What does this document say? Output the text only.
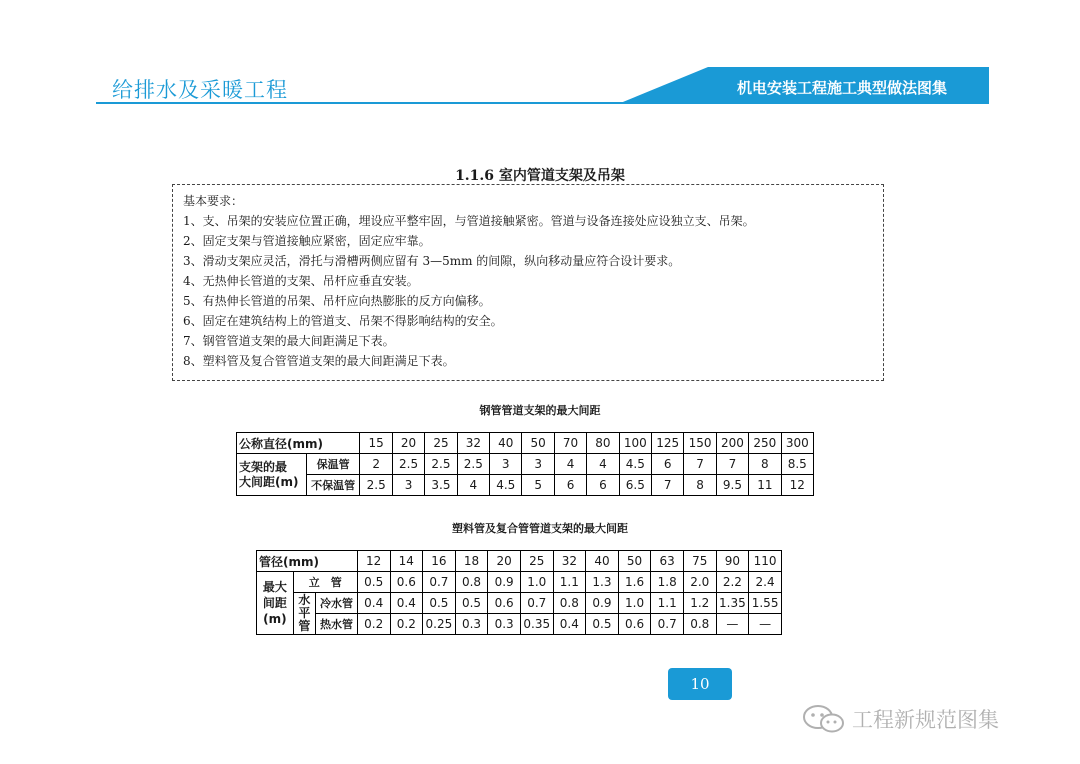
给排水及采暖工程	机电安装工程施工典型做法图集
1.1.6 室内管道支架及吊架
基本要求：
1、支、吊架的安装应位置正确，埋设应平整牢固，与管道接触紧密。管道与设备连接处应设独立支、吊架。
2、固定支架与管道接触应紧密，固定应牢靠。
3、滑动支架应灵活，滑托与滑槽两侧应留有 3—5mm 的间隙，纵向移动量应符合设计要求。
4、无热伸长管道的支架、吊杆应垂直安装。
5、有热伸长管道的吊架、吊杆应向热膨胀的反方向偏移。
6、固定在建筑结构上的管道支、吊架不得影响结构的安全。
7、钢管管道支架的最大间距满足下表。
8、塑料管及复合管管道支架的最大间距满足下表。
钢管管道支架的最大间距
公称直径(mm)		15	20	25	32	40	50	70	80	100	125	150	200	250	300

支架的最
大间距(m)	保温管	2	2.5	2.5	2.5	3	3	4	4	4.5	6	7	7	8	8.5
	不保温管	2.5	3	3.5	4	4.5	5	6	6	6.5	7	8	9.5	11	12
塑料管及复合管管道支架的最大间距
管径(mm)			12	14	16	18	20	25	32	40	50	63	75	90	110

最大
间距
(m)	立　管		0.5	0.6	0.7	0.8	0.9	1.0	1.1	1.3	1.6	1.8	2.0	2.2	2.4

	水
平
管	冷水管	0.4	0.4	0.5	0.5	0.6	0.7	0.8	0.9	1.0	1.1	1.2	1.35	1.55
		热水管	0.2	0.2	0.25	0.3	0.3	0.35	0.4	0.5	0.6	0.7	0.8	—	—
10
工程新规范图集
